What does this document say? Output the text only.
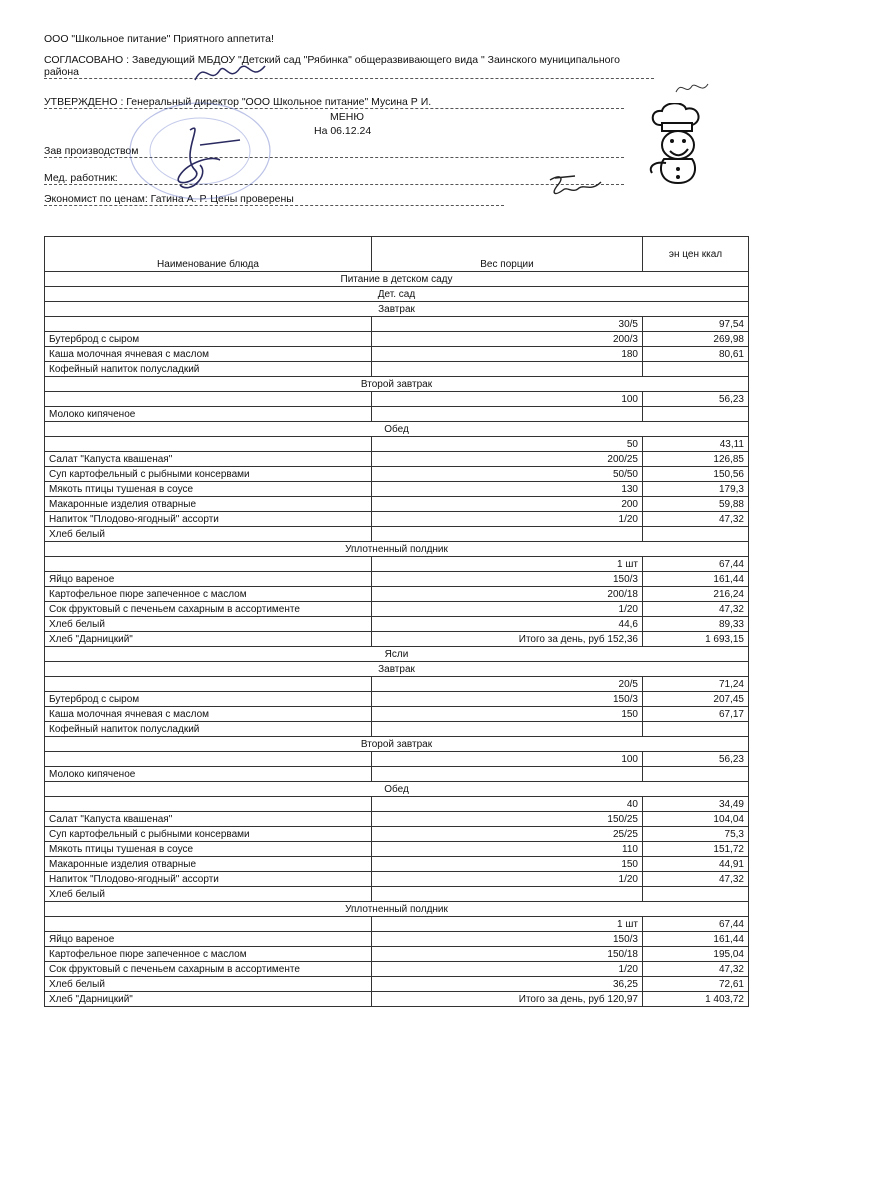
ООО "Школьное питание" Приятного аппетита!
СОГЛАСОВАНО : Заведующий МБДОУ "Детский сад "Рябинка" общеразвивающего вида " Заинского муниципального района
УТВЕРЖДЕНО : Генеральный директор "ООО Школьное питание" Мусина Р И.
МЕНЮ
На 06.12.24
Зав производством
Мед. работник:
Экономист по ценам: Гатина А. Р. Цены проверены
Наименование блюда	Вес порции	эн цен ккал
Питание в детском саду		
Дет. сад		
Завтрак		
	30/5	97,54
Бутерброд с сыром	200/3	269,98
Каша молочная ячневая с маслом	180	80,61
Кофейный напиток полусладкий		
Второй завтрак		
	100	56,23
Молоко кипяченое		
Обед		
	50	43,11
Салат "Капуста квашеная"	200/25	126,85
Суп картофельный с рыбными консервами	50/50	150,56
Мякоть птицы тушеная в соусе	130	179,3
Макаронные изделия отварные	200	59,88
Напиток "Плодово-ягодный" ассорти	1/20	47,32
Хлеб белый		
Уплотненный полдник		
	1 шт	67,44
Яйцо вареное	150/3	161,44
Картофельное пюре запеченное с маслом	200/18	216,24
Сок фруктовый с печеньем сахарным в ассортименте	1/20	47,32
Хлеб белый	44,6	89,33
Хлеб "Дарницкий"	Итого за день, руб 152,36	1 693,15
Ясли		
Завтрак		
	20/5	71,24
Бутерброд с сыром	150/3	207,45
Каша молочная ячневая с маслом	150	67,17
Кофейный напиток полусладкий		
Второй завтрак		
	100	56,23
Молоко кипяченое		
Обед		
	40	34,49
Салат "Капуста квашеная"	150/25	104,04
Суп картофельный с рыбными консервами	25/25	75,3
Мякоть птицы тушеная в соусе	110	151,72
Макаронные изделия отварные	150	44,91
Напиток "Плодово-ягодный" ассорти	1/20	47,32
Хлеб белый		
Уплотненный полдник		
	1 шт	67,44
Яйцо вареное	150/3	161,44
Картофельное пюре запеченное с маслом	150/18	195,04
Сок фруктовый с печеньем сахарным в ассортименте	1/20	47,32
Хлеб белый	36,25	72,61
Хлеб "Дарницкий"	Итого за день, руб 120,97	1 403,72
